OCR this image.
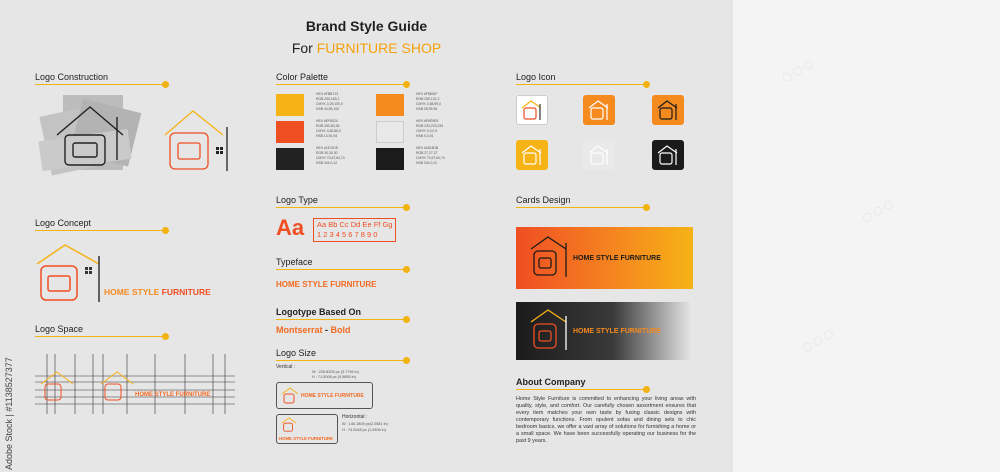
○○○
○○○
○○○
Brand Style Guide
For FURNITURE SHOP
Logo Construction
Logo Concept
HOME STYLE FURNITURE
Logo Space
HOME STYLE FURNITURE
Color Palette
HEX #FBB713
RGB 250,183,2
CMYK 0,29,100,0
HSB 44,99,100
HEX #F5831F
RGB 255,131,2
CMYK 0,58,99,0
HSB 28,99,96
HEX #EF5024
RGB 250,80,36
CMYK 0,82,86,0
HSB 13,91,94
HEX #E9E9E9
RGB 233,233,233
CMYK 0,0,0,9
HSB 0,0,91
HEX #1E1E1E
RGB 30,30,30
CMYK 70,67,64,74
HSB 344,0,12
HEX #1B1B1B
RGB 27,27,27
CMYK 70,67,64,74
HSB 344,0,11
Logo Type
Aa Aa Bb Cc Dd Ee Ff Gg
1 2 3 4 5 6 7 8 9 0
Typeface
HOME STYLE FURNITURE
Logotype Based On
Montserrat - Bold
Logo Size
Vertical :
W : 226.8305 px (3.7796 in)
H : 71.5008 px (0.9855 in)
HOME STYLE FURNITURE
HOME STYLE FURNITURE
Horizontal :
W : 146.1805 px(2.0581 in)
H : 74.2048 px (1.0306 in)
Logo Icon
Cards Design
HOME STYLE FURNITURE
HOME STYLE FURNITURE
About Company
Home Style Furniture is committed to enhancing your living areas with quality, style, and comfort. Our carefully chosen assortment ensures that every item matches your own taste by fusing classic designs with contemporary functions. From opulent sofas and dining sets to chic bedroom basics, we offer a vast array of solutions for furnishing a home or a small space. We have been successfully operating our business for the past 9 years.
Adobe Stock | #1138527377
